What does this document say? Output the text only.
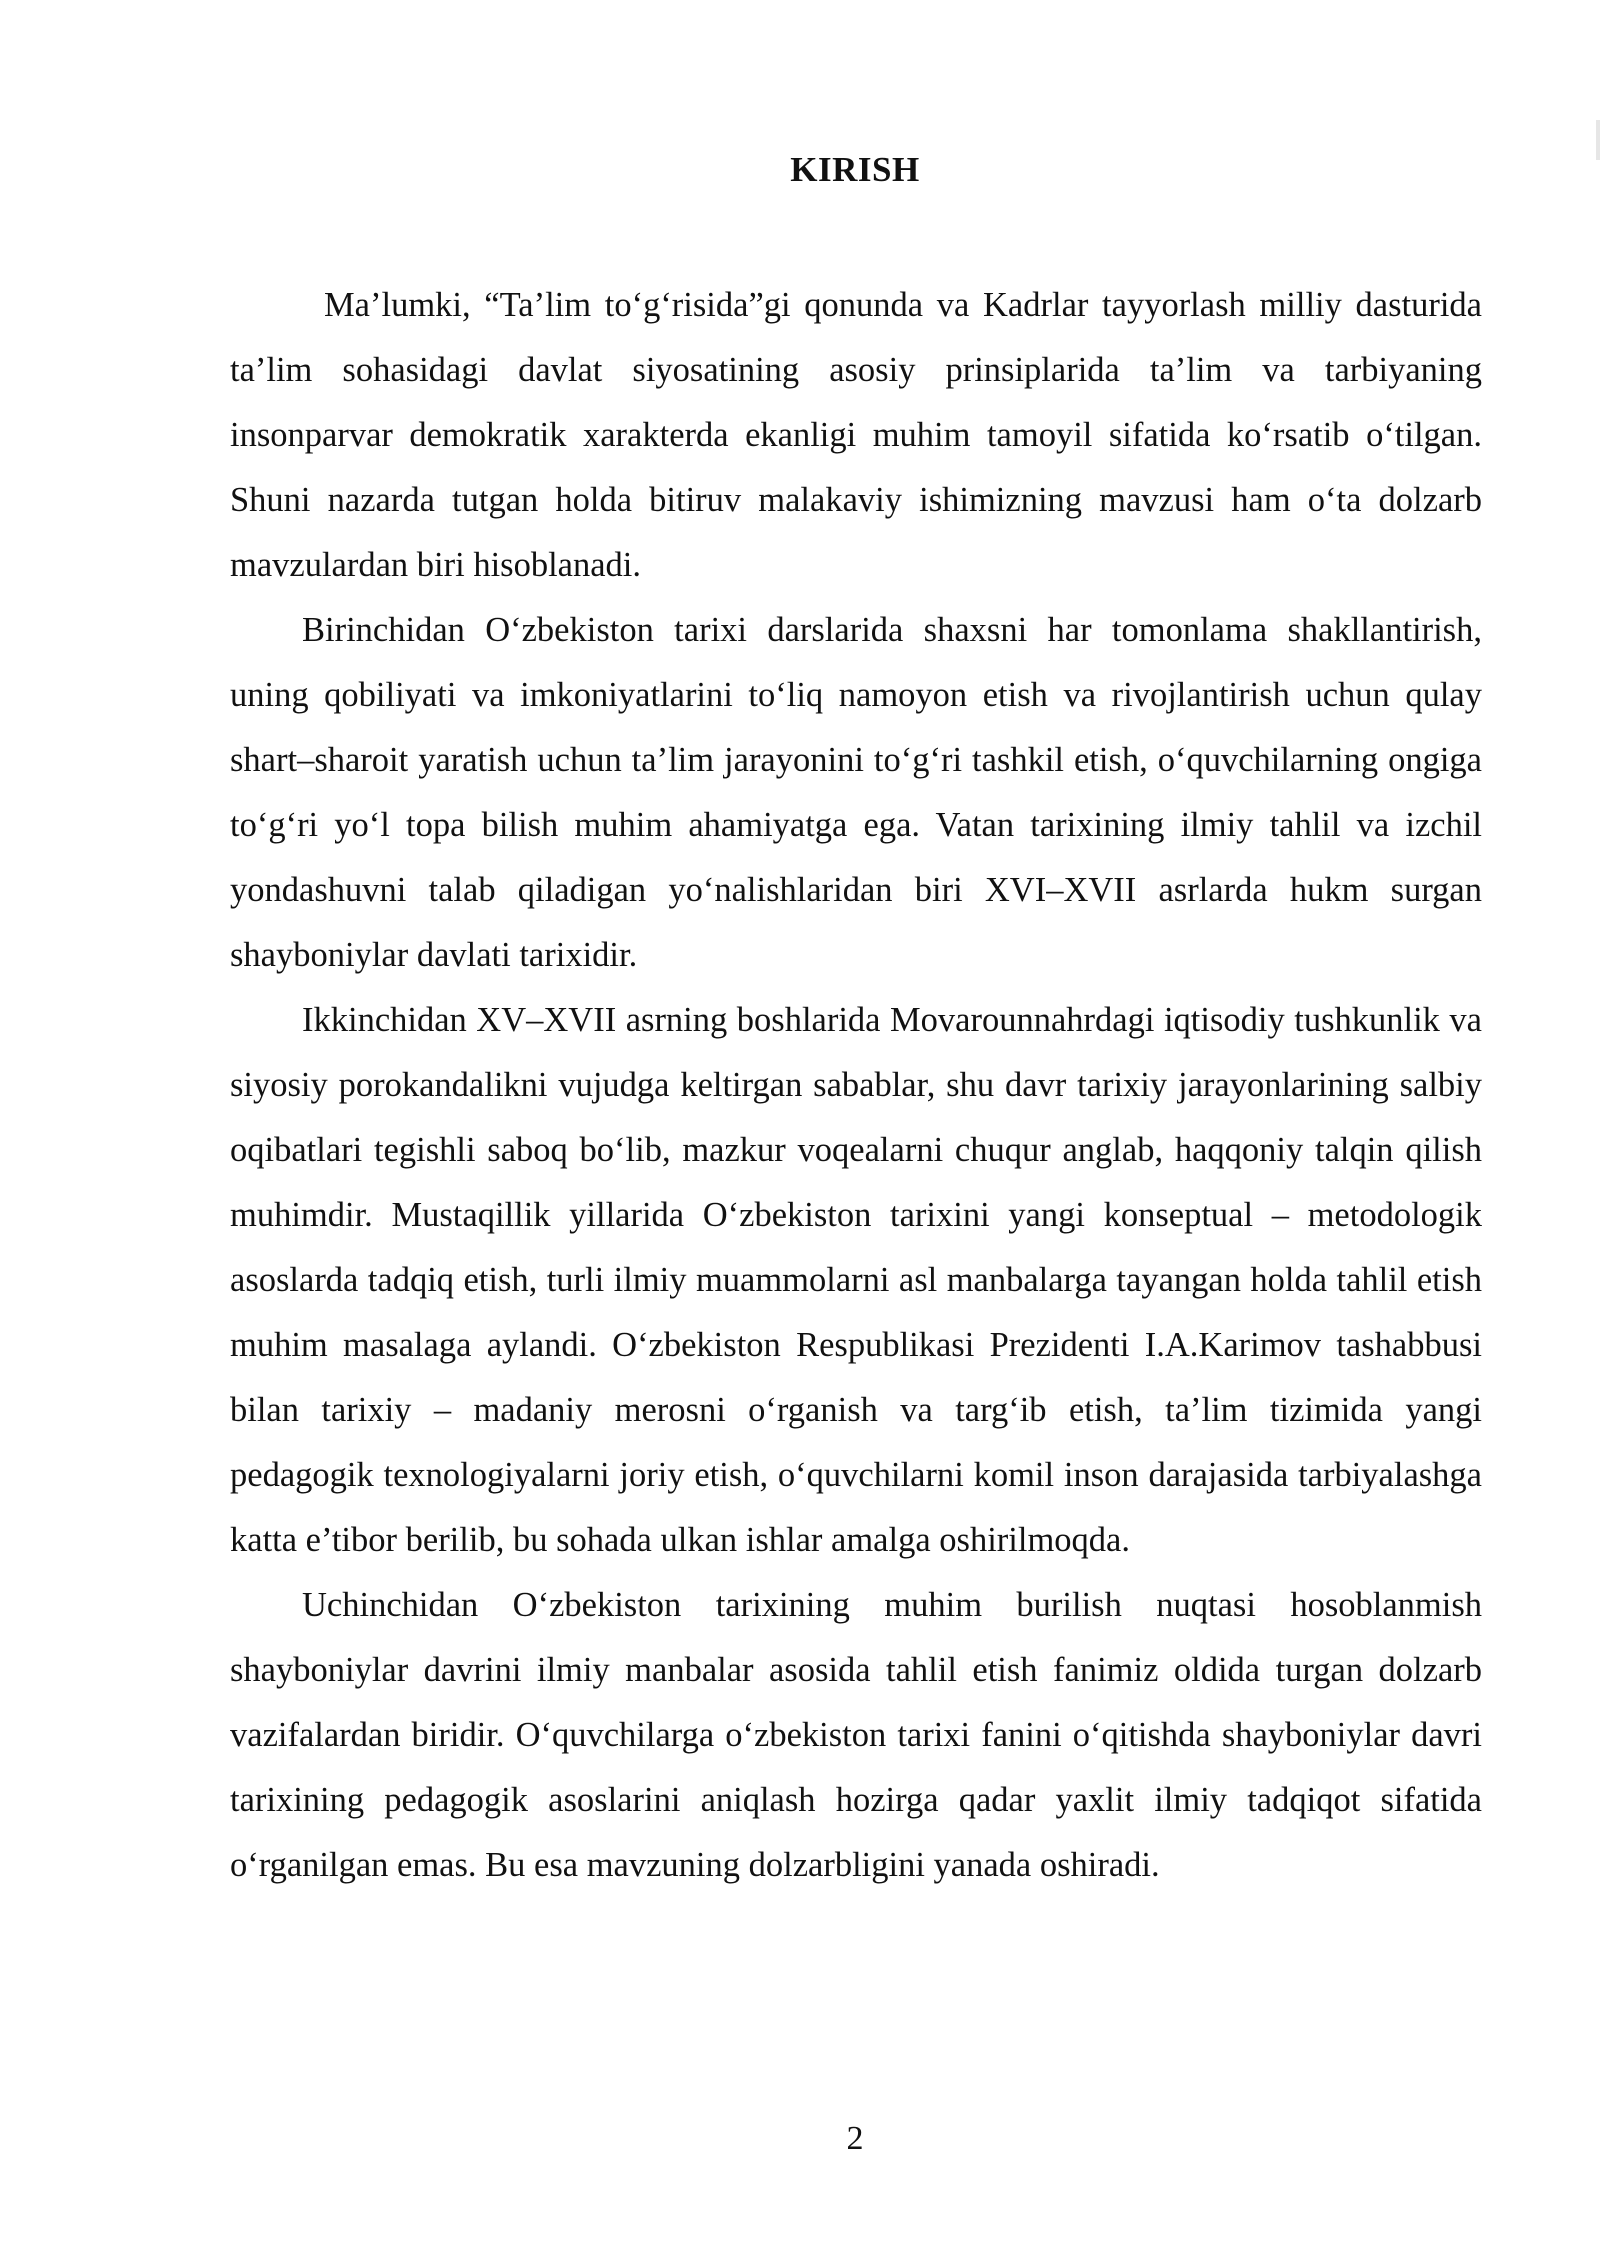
KIRISH

Ma’lumki, “Ta’lim to‘g‘risida”gi qonunda va Kadrlar tayyorlash milliy dasturida ta’lim sohasidagi davlat siyosatining asosiy prinsiplarida ta’lim va tarbiyaning insonparvar demokratik xarakterda ekanligi muhim tamoyil sifatida ko‘rsatib o‘tilgan. Shuni nazarda tutgan holda bitiruv malakaviy ishimizning mavzusi ham o‘ta dolzarb mavzulardan biri hisoblanadi.

Birinchidan O‘zbekiston tarixi darslarida shaxsni har tomonlama shakllantirish, uning qobiliyati va imkoniyatlarini to‘liq namoyon etish va rivojlantirish uchun qulay shart–sharoit yaratish uchun ta’lim jarayonini to‘g‘ri tashkil etish, o‘quvchilarning ongiga to‘g‘ri yo‘l topa bilish muhim ahamiyatga ega. Vatan tarixining ilmiy tahlil va izchil yondashuvni talab qiladigan yo‘nalishlaridan biri XVI–XVII asrlarda hukm surgan shayboniylar davlati tarixidir.

Ikkinchidan XV–XVII asrning boshlarida Movarounnahrdagi iqtisodiy tushkunlik va siyosiy porokandalikni vujudga keltirgan sabablar, shu davr tarixiy jarayonlarining salbiy oqibatlari tegishli saboq bo‘lib, mazkur voqealarni chuqur anglab, haqqoniy talqin qilish muhimdir. Mustaqillik yillarida O‘zbekiston tarixini yangi konseptual – metodologik asoslarda tadqiq etish, turli ilmiy muammolarni asl manbalarga tayangan holda tahlil etish muhim masalaga aylandi. O‘zbekiston Respublikasi Prezidenti I.A.Karimov tashabbusi bilan tarixiy – madaniy merosni o‘rganish va targ‘ib etish, ta’lim tizimida yangi pedagogik texnologiyalarni joriy etish, o‘quvchilarni komil inson darajasida tarbiyalashga katta e’tibor berilib, bu sohada ulkan ishlar amalga oshirilmoqda.

Uchinchidan O‘zbekiston tarixining muhim burilish nuqtasi hosoblanmish shayboniylar davrini ilmiy manbalar asosida tahlil etish fanimiz oldida turgan dolzarb vazifalardan biridir. O‘quvchilarga o‘zbekiston tarixi fanini o‘qitishda shayboniylar davri tarixining pedagogik asoslarini aniqlash hozirga qadar yaxlit ilmiy tadqiqot sifatida o‘rganilgan emas. Bu esa mavzuning dolzarbligini yanada oshiradi.

2
